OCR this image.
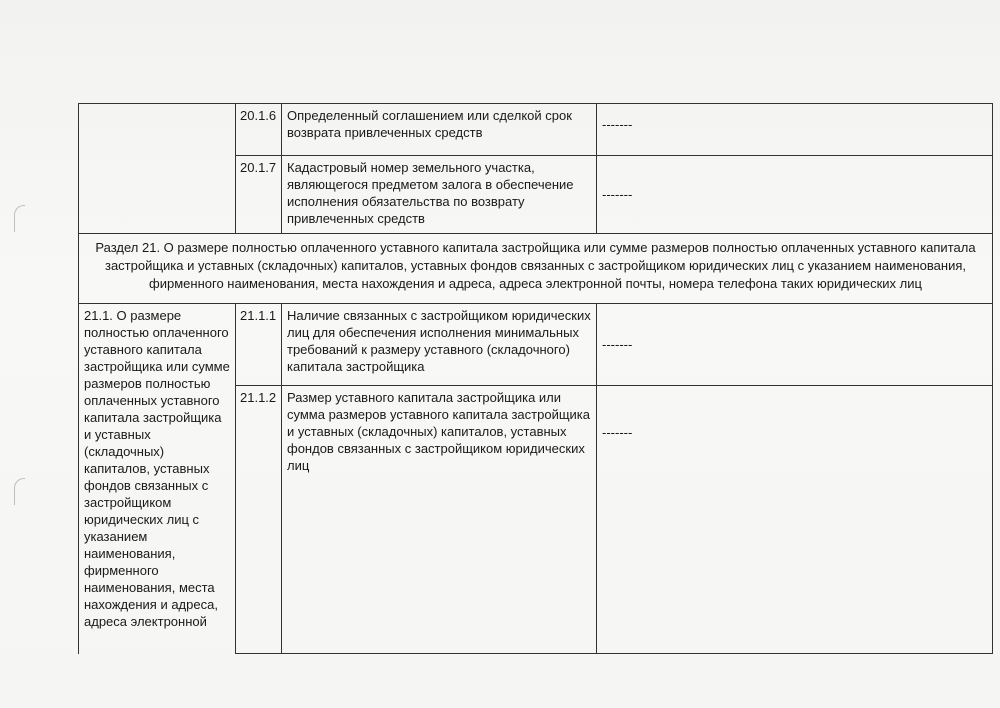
	20.1.6	Определенный соглашением или сделкой срок возврата привлеченных средств	-------
	20.1.7	Кадастровый номер земельного участка, являющегося предметом залога в обеспечение исполнения обязательства по возврату привлеченных средств	-------
Раздел 21. О размере полностью оплаченного уставного капитала застройщика или сумме размеров полностью оплаченных уставного капитала застройщика и уставных (складочных) капиталов, уставных фондов связанных с застройщиком юридических лиц с указанием наименования, фирменного наименования, места нахождения и адреса, адреса электронной почты, номера телефона таких юридических лиц			
21.1. О размере полностью оплаченного уставного капитала застройщика или сумме размеров полностью оплаченных уставного капитала застройщика и уставных (складочных) капиталов, уставных фондов связанных с застройщиком юридических лиц с указанием наименования, фирменного наименования, места нахождения и адреса, адреса электронной	21.1.1	Наличие связанных с застройщиком юридических лиц для обеспечения исполнения минимальных требований к размеру уставного (складочного) капитала застройщика	-------
	21.1.2	Размер уставного капитала застройщика или сумма размеров уставного капитала застройщика и уставных (складочных) капиталов, уставных фондов связанных с застройщиком юридических лиц	-------
